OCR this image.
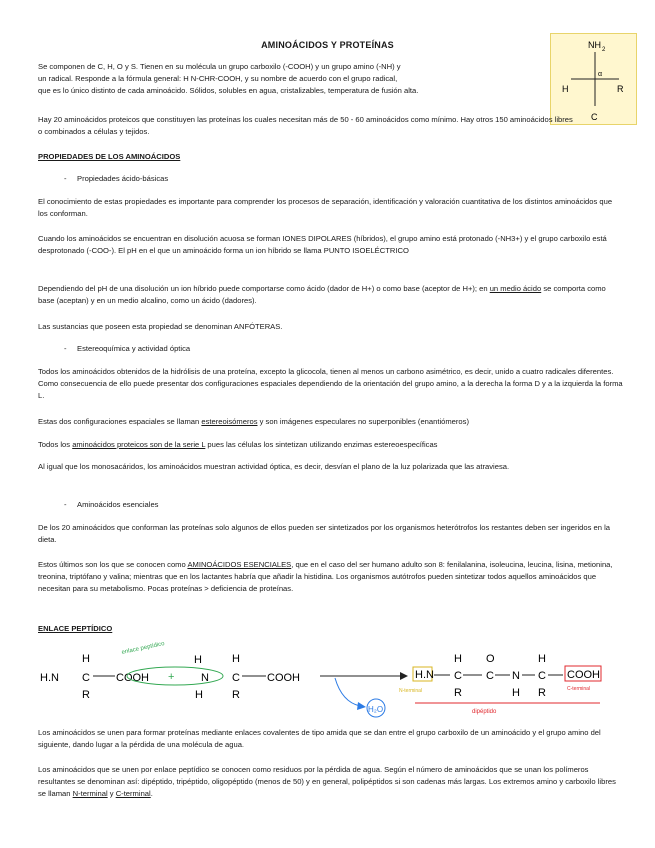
AMINOÁCIDOS Y PROTEÍNAS

Se componen de C, H, O y S. Tienen en su molécula un grupo carboxilo (-COOH) y un grupo amino (-NH) y
un radical. Responde a la fórmula general: H N-CHR-COOH, y su nombre de acuerdo con el grupo radical,
que es lo único distinto de cada aminoácido. Sólidos, solubles en agua, cristalizables, temperatura de fusión alta.

NH 2
H	R
C
α

Hay 20 aminoácidos proteicos que constituyen las proteínas los cuales necesitan más de 50 - 60 aminoácidos como mínimo. Hay otros 150 aminoácidos libres o combinados a células y tejidos.

PROPIEDADES DE LOS AMINOÁCIDOS
- Propiedades ácido-básicas

El conocimiento de estas propiedades es importante para comprender los procesos de separación, identificación y valoración cuantitativa de los distintos aminoácidos que los conforman.

Cuando los aminoácidos se encuentran en disolución acuosa se forman IONES DIPOLARES (híbridos), el grupo amino está protonado (-NH3+) y el grupo carboxilo está desprotonado (-COO-). El pH en el que un aminoácido forma un ion híbrido se llama PUNTO ISOELÉCTRICO

Dependiendo del pH de una disolución un ion híbrido puede comportarse como ácido (dador de H+) o como base (aceptor de H+); en un medio ácido se comporta como base (aceptan) y en un medio alcalino, como un ácido (dadores).

Las sustancias que poseen esta propiedad se denominan ANFÓTERAS.

- Estereoquímica y actividad óptica

Todos los aminoácidos obtenidos de la hidrólisis de una proteína, excepto la glicocola, tienen al menos un carbono asimétrico, es decir, unido a cuatro radicales diferentes. Como consecuencia de ello puede presentar dos configuraciones espaciales dependiendo de la orientación del grupo amino, a la derecha la forma D y a la izquierda la forma L.

Estas dos configuraciones espaciales se llaman estereoisómeros y son imágenes especulares no superponibles (enantiómeros)

Todos los aminoácidos proteicos son de la serie L pues las células los sintetizan utilizando enzimas estereoespecíficas

Al igual que los monosacáridos, los aminoácidos muestran actividad óptica, es decir, desvían el plano de la luz polarizada que las atraviesa.

- Aminoácidos esenciales

De los 20 aminoácidos que conforman las proteínas solo algunos de ellos pueden ser sintetizados por los organismos heterótrofos los restantes deben ser ingeridos en la dieta.

Estos últimos son los que se conocen como AMINOÁCIDOS ESENCIALES, que en el caso del ser humano adulto son 8: fenilalanina, isoleucina, leucina, lisina, metionina, treonina, triptófano y valina; mientras que en los lactantes habría que añadir la histidina. Los organismos autótrofos pueden sintetizar todos aquellos aminoácidos que necesitan para su metabolismo. Pocas proteínas > deficiencia de proteínas.

ENLACE PEPTÍDICO
H.N
H
C
R
COOH
enlace peptídico
+
H
N
H
H
C
R
COOH
H₂O
H.N
N-terminal
H
C
R
O
C N
H
H
C
R
COOH
C-terminal
dipéptido

Los aminoácidos se unen para formar proteínas mediante enlaces covalentes de tipo amida que se dan entre el grupo carboxilo de un aminoácido y el grupo amino del siguiente, dando lugar a la pérdida de una molécula de agua.

Los aminoácidos que se unen por enlace peptídico se conocen como residuos por la pérdida de agua. Según el número de aminoácidos que se unan los polímeros resultantes se denominan así: dipéptido, tripéptido, oligopéptido (menos de 50) y en general, polipéptidos si son cadenas más largas. Los extremos amino y carboxilo libres se llaman N-terminal y C-terminal.
